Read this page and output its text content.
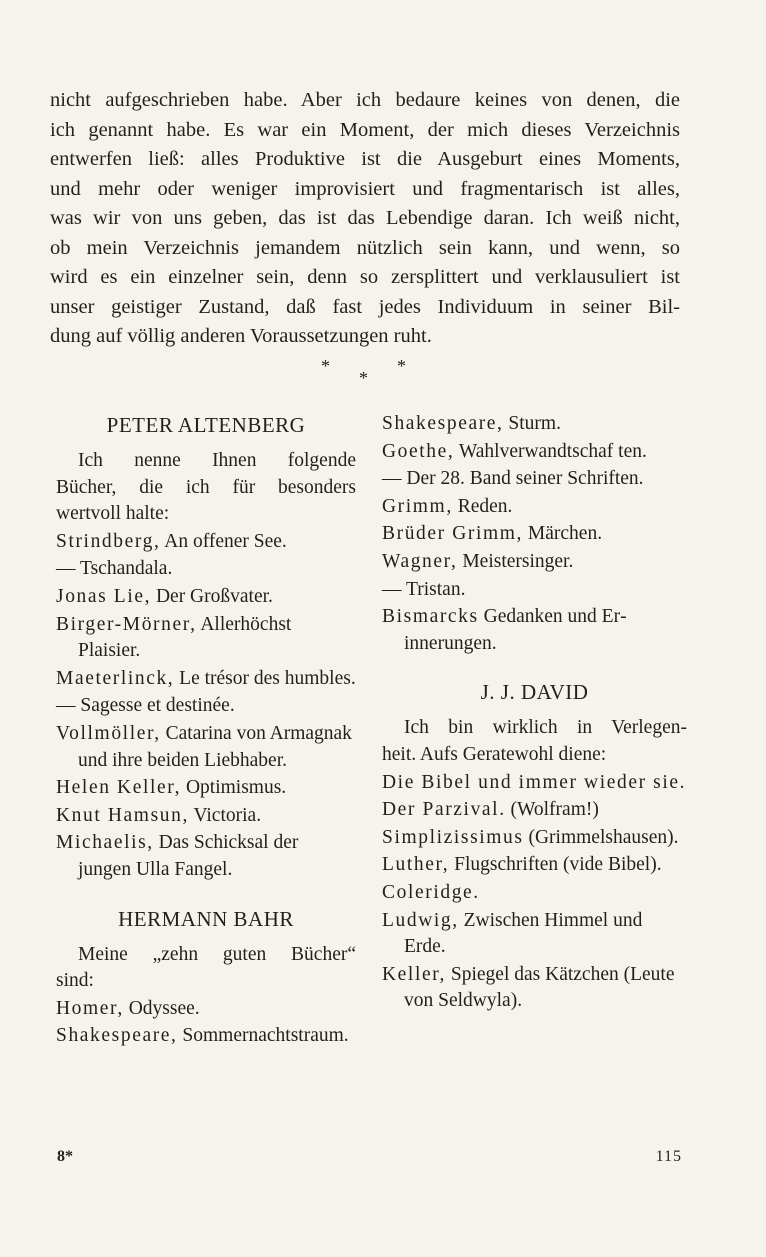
nicht aufgeschrieben habe. Aber ich bedaure keines von denen, die
ich genannt habe. Es war ein Moment, der mich dieses Verzeichnis
entwerfen ließ: alles Produktive ist die Ausgeburt eines Moments,
und mehr oder weniger improvisiert und fragmentarisch ist alles,
was wir von uns geben, das ist das Lebendige daran. Ich weiß nicht,
ob mein Verzeichnis jemandem nützlich sein kann, und wenn, so
wird es ein einzelner sein, denn so zersplittert und verklausuliert ist
unser geistiger Zustand, daß fast jedes Individuum in seiner Bil-
dung auf völlig anderen Voraussetzungen ruht.
*
*
*
PETER ALTENBERG
Ich nenne Ihnen folgende
Bücher, die ich für besonders
wertvoll halte:
Strindberg, An offener See.
— Tschandala.
Jonas Lie, Der Großvater.
Birger-Mörner, Allerhöchst Plaisier.
Maeterlinck, Le trésor des humbles.
— Sagesse et destinée.
Vollmöller, Catarina von Armagnak und ihre beiden Liebhaber.
Helen Keller, Optimismus.
Knut Hamsun, Victoria.
Michaelis, Das Schicksal der jungen Ulla Fangel.
HERMANN BAHR
Meine „zehn guten Bücher“
sind:
Homer, Odyssee.
Shakespeare, Sommernachtstraum.
Shakespeare, Sturm.
Goethe, Wahlverwandtschaf ten.
— Der 28. Band seiner Schriften.
Grimm, Reden.
Brüder Grimm, Märchen.
Wagner, Meistersinger.
— Tristan.
Bismarcks Gedanken und Erinnerungen.
J. J. DAVID
Ich bin wirklich in Verlegen-
heit. Aufs Geratewohl diene:
Die Bibel und immer wieder sie.
Der Parzival. (Wolfram!)
Simplizissimus (Grimmelshausen).
Luther, Flugschriften (vide Bibel).
Coleridge.
Ludwig, Zwischen Himmel und Erde.
Keller, Spiegel das Kätzchen (Leute von Seldwyla).
8*	115
